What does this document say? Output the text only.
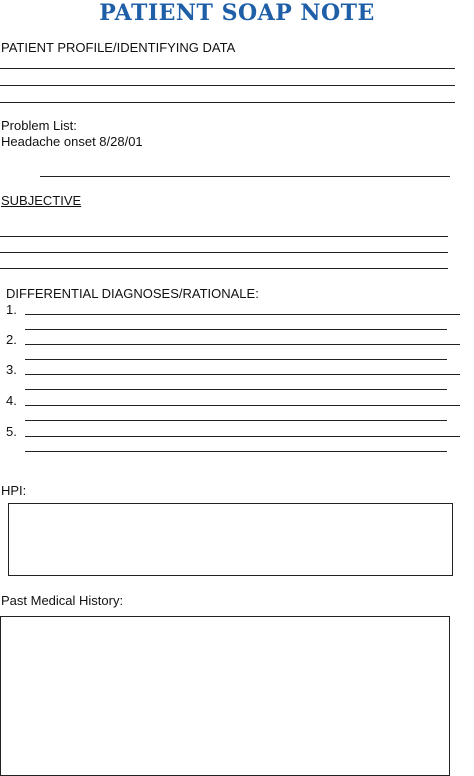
PATIENT SOAP NOTE
PATIENT PROFILE/IDENTIFYING DATA
Problem List:
Headache onset 8/28/01
SUBJECTIVE
DIFFERENTIAL DIAGNOSES/RATIONALE:
1.
2.
3.
4.
5.
HPI:
Past Medical History:
